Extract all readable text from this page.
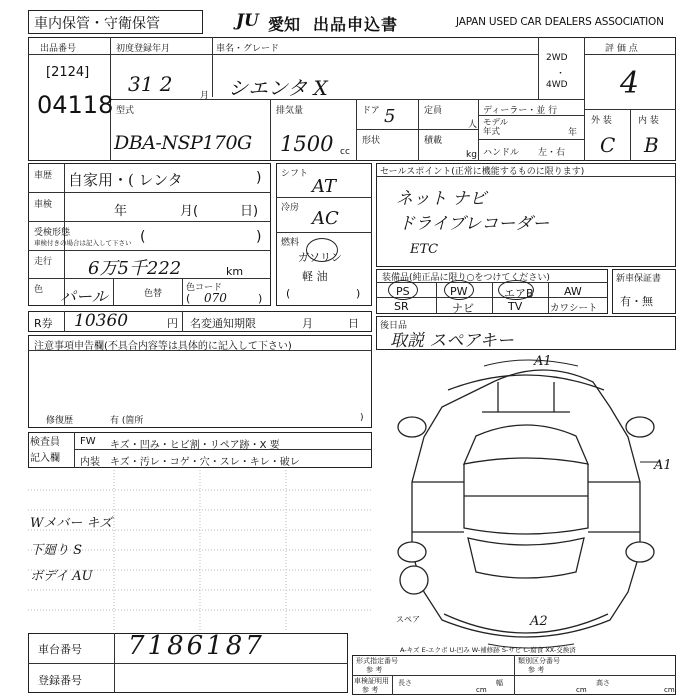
車内保管・守衛保管	JU 愛知 出品申込書	JAPAN USED CAR DEALERS ASSOCIATION
出品番号
[2124]
04118
初度登録年月
31 2	月
車名・グレード
シエンタ X
2WD
・
4WD
評 価 点
4
型式
DBA-NSP170G
排気量
1500 cc
ドア 5
形状
定員
人
積載
kg
ディーラー・並 行
モデル
年式	年
ハンドル 左・右
外 装	内 装
C B
車歴 自家用・( レンタ	)
車検	年	月(	日)
受検形態
車検付きの場合は記入して下さい (	)
走行 6万5千222	km
色 パール	色替
色コード
070
(	)
シフト
AT
冷房 AC
燃料
ガソリン
軽 油
(	)
セールスポイント(正常に機能するものに限ります)
ネット ナビ
ドライブレコーダー
ETC
装備品(純正品に限り○をつけてください)
PS	PW	エアB	AW
SR	ナビ	TV	カワシート
新車保証書
有・無
R券 10360	円 名変通知期限	月	日 後日品
取説 スペアキー
注意事項申告欄(不具合内容等は具体的に記入して下さい)
修復歴	有 (箇所	)
検査員
記入欄
FW キズ・凹み・ヒビ割・リペア跡・X 要
内装 キズ・汚レ・コゲ・穴・スレ・キレ・破レ
Wメバー キズ
下廻り S
ボデイ AU
A1
A1
A2
スペア
A-キズ E-エクボ U-凹み W-補修跡 S-サビ C-腐食 XX-交換済
車台番号 7186187
登録番号
形式指定番号
参 考
類別区分番号
参 考
車検証明用
参 考
長さ
cm
幅
cm
高さ
cm
